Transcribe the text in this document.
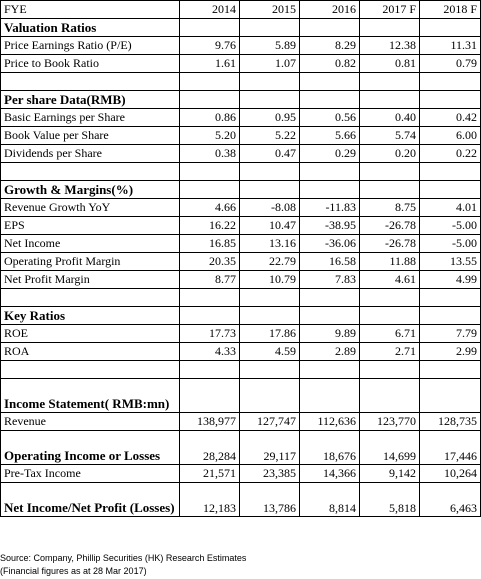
FYE	2014	2015	2016	2017 F	2018 F
Valuation Ratios					
Price Earnings Ratio (P/E)	9.76	5.89	8.29	12.38	11.31
Price to Book Ratio	1.61	1.07	0.82	0.81	0.79

Per share Data(RMB)					
Basic Earnings per Share	0.86	0.95	0.56	0.40	0.42
Book Value per Share	5.20	5.22	5.66	5.74	6.00
Dividends per Share	0.38	0.47	0.29	0.20	0.22

Growth & Margins(%)					
Revenue Growth YoY	4.66	-8.08	-11.83	8.75	4.01
EPS	16.22	10.47	-38.95	-26.78	-5.00
Net Income	16.85	13.16	-36.06	-26.78	-5.00
Operating Profit Margin	20.35	22.79	16.58	11.88	13.55
Net Profit Margin	8.77	10.79	7.83	4.61	4.99

Key Ratios					
ROE	17.73	17.86	9.89	6.71	7.79
ROA	4.33	4.59	2.89	2.71	2.99

Income Statement( RMB:mn)					
Revenue	138,977	127,747	112,636	123,770	128,735
Operating Income or Losses	28,284	29,117	18,676	14,699	17,446
Pre-Tax Income	21,571	23,385	14,366	9,142	10,264
Net Income/Net Profit (Losses)	12,183	13,786	8,814	5,818	6,463
Source: Company, Phillip Securities (HK) Research Estimates
(Financial figures as at 28 Mar 2017)
